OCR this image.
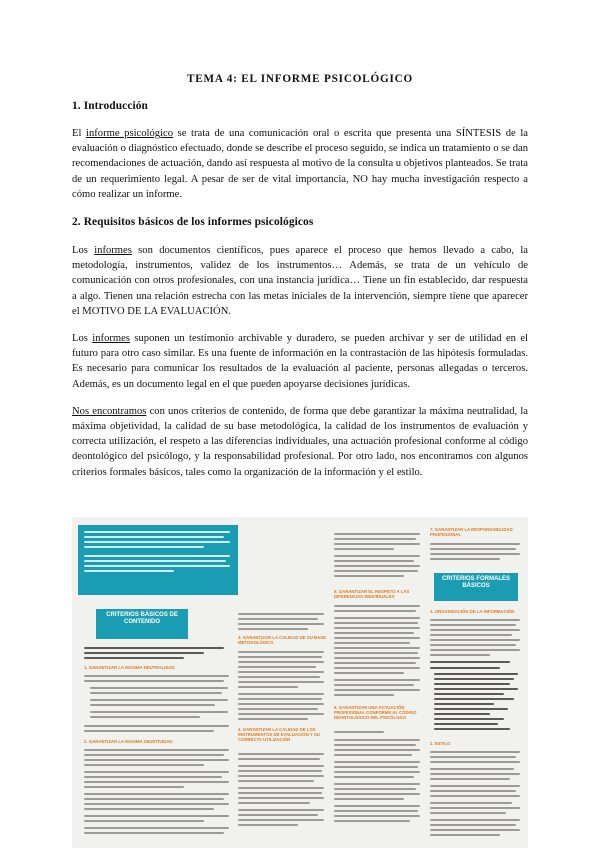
TEMA 4: EL INFORME PSICOLÓGICO
1. Introducción

El informe psicológico se trata de una comunicación oral o escrita que presenta una SÍNTESIS de la evaluación o diagnóstico efectuado, donde se describe el proceso seguido, se indica un tratamiento o se dan recomendaciones de actuación, dando así respuesta al motivo de la consulta u objetivos planteados. Se trata de un requerimiento legal. A pesar de ser de vital importancia, NO hay mucha investigación respecto a cómo realizar un informe.

2. Requisitos básicos de los informes psicológicos

Los informes son documentos científicos, pues aparece el proceso que hemos llevado a cabo, la metodología, instrumentos, validez de los instrumentos… Además, se trata de un vehículo de comunicación con otros profesionales, con una instancia jurídica… Tiene un fin establecido, dar respuesta a algo. Tienen una relación estrecha con las metas iniciales de la intervención, siempre tiene que aparecer el MOTIVO DE LA EVALUACIÓN.

Los informes suponen un testimonio archivable y duradero, se pueden archivar y ser de utilidad en el futuro para otro caso similar. Es una fuente de información en la contrastación de las hipótesis formuladas. Es necesario para comunicar los resultados de la evaluación al paciente, personas allegadas o terceros. Además, es un documento legal en el que pueden apoyarse decisiones jurídicas.

Nos encontramos con unos criterios de contenido, de forma que debe garantizar la máxima neutralidad, la máxima objetividad, la calidad de su base metodológica, la calidad de los instrumentos de evaluación y correcta utilización, el respeto a las diferencias individuales, una actuación profesional conforme al código deontológico del psicólogo, y la responsabilidad profesional. Por otro lado, nos encontramos con algunos criterios formales básicos, tales como la organización de la información y el estilo.

CRITERIOS BÁSICOS DE CONTENIDO
1. GARANTIZAR LA MÁXIMA NEUTRALIDAD
2. GARANTIZAR LA MÁXIMA OBJETIVIDAD
3. GARANTIZAR LA CALIDAD DE SU BASE METODOLÓGICA
4. GARANTIZAR LA CALIDAD DE LOS INSTRUMENTOS DE EVALUACIÓN Y SU CORRECTA UTILIZACIÓN
5. GARANTIZAR EL RESPETO A LAS DIFERENCIAS INDIVIDUALES
6. GARANTIZAR UNA ACTUACIÓN PROFESIONAL CONFORME AL CÓDIGO DEONTOLÓGICO DEL PSICÓLOGO
7. GARANTIZAR LA RESPONSABILIDAD PROFESIONAL
CRITERIOS FORMALES BÁSICOS
1. ORGANIZACIÓN DE LA INFORMACIÓN
2. ESTILO
